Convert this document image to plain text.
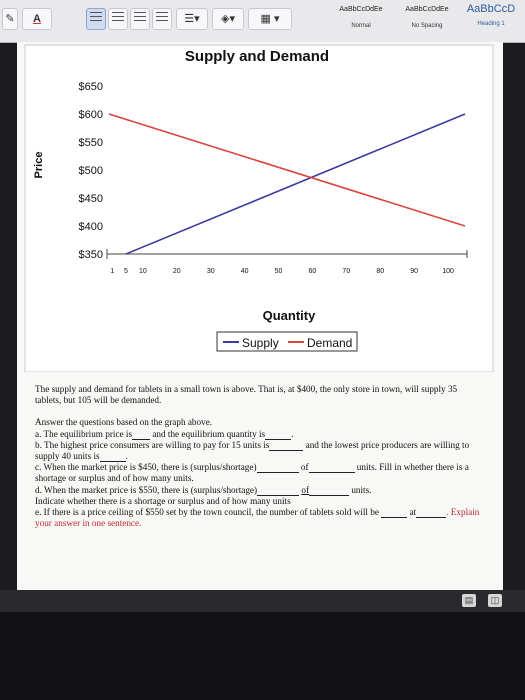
✎	A	☰▾	◈▾	▦ ▾
AaBbCcDdEe
Normal
AaBbCcDdEe
No Spacing
AaBbCcD
Heading 1
Supply and Demand
Price
Quantity
$650
$600
$550
$500
$450
$400
$350
1 5 10	20	30	40	50	60	70	80	90	100
Supply Demand

The supply and demand for tablets in a small town is above. That is, at $400, the only store in town, will supply 35 tablets, but 105 will be demanded.

Answer the questions based on the graph above.

a. The equilibrium price is and the equilibrium quantity is	.

b. The highest price consumers are willing to pay for 15 units is	and the lowest price producers are willing to supply 40 units is	.

c. When the market price is $450, there is (surplus/shortage)	of	units. Fill in whether there is a shortage or surplus and of how many units.

d. When the market price is $550, there is (surplus/shortage)	of	units.

Indicate whether there is a shortage or surplus and of how many units

e. If there is a price ceiling of $550 set by the town council, the number of tablets sold will be	at	. Explain your answer in one sentence.

▤	◫
